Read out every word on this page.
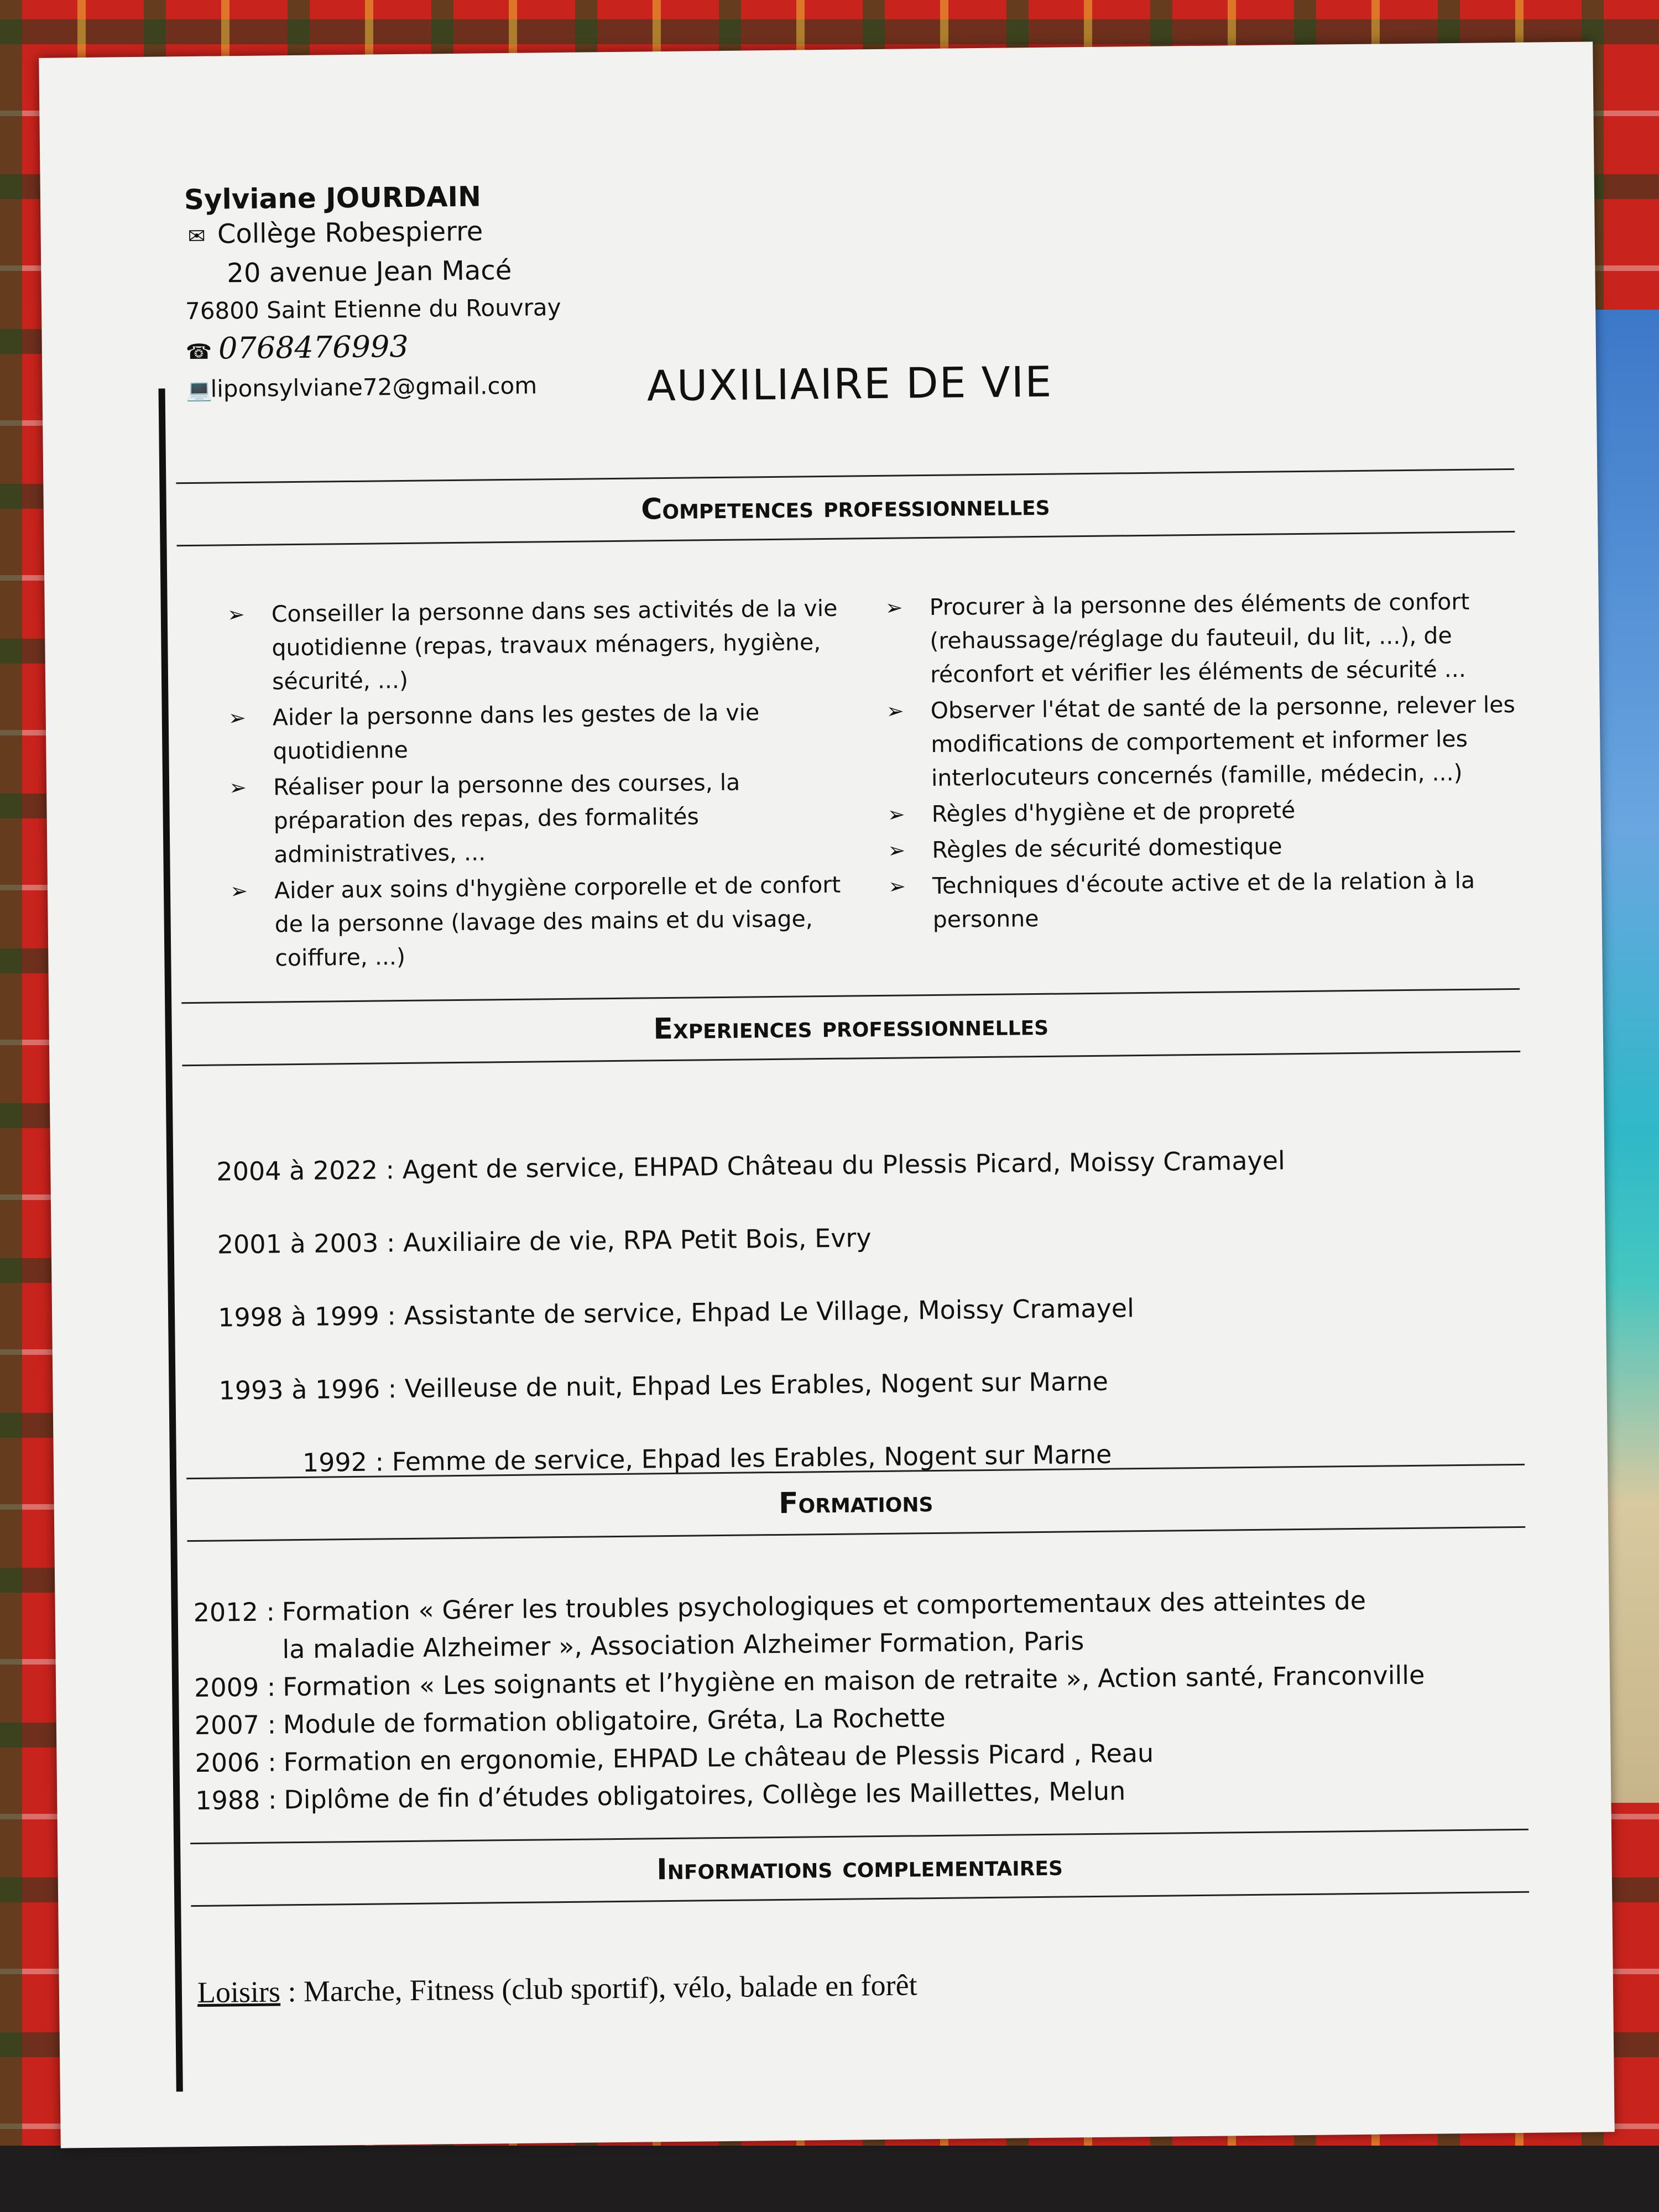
Sylviane JOURDAIN
✉ Collège Robespierre
20 avenue Jean Macé
76800 Saint Etienne du Rouvray
☎ 0768476993
💻liponsylviane72@gmail.com	AUXILIAIRE DE VIE
Competences professionnelles
➢ Conseiller la personne dans ses activités de la vie quotidienne (repas, travaux ménagers, hygiène, sécurité, ...)
➢ Aider la personne dans les gestes de la vie quotidienne
➢ Réaliser pour la personne des courses, la préparation des repas, des formalités administratives, ...
➢ Aider aux soins d'hygiène corporelle et de confort de la personne (lavage des mains et du visage, coiffure, ...)
➢ Procurer à la personne des éléments de confort (rehaussage/réglage du fauteuil, du lit, ...), de réconfort et vérifier les éléments de sécurité ...
➢ Observer l'état de santé de la personne, relever les modifications de comportement et informer les interlocuteurs concernés (famille, médecin, ...)
➢ Règles d'hygiène et de propreté
➢ Règles de sécurité domestique
➢ Techniques d'écoute active et de la relation à la personne
Experiences professionnelles
2004 à 2022 : Agent de service, EHPAD Château du Plessis Picard, Moissy Cramayel
2001 à 2003 : Auxiliaire de vie, RPA Petit Bois, Evry
1998 à 1999 : Assistante de service, Ehpad Le Village, Moissy Cramayel
1993 à 1996 : Veilleuse de nuit, Ehpad Les Erables, Nogent sur Marne
1992 : Femme de service, Ehpad les Erables, Nogent sur Marne
Formations
2012 : Formation « Gérer les troubles psychologiques et comportementaux des atteintes de
la maladie Alzheimer », Association Alzheimer Formation, Paris
2009 : Formation « Les soignants et l’hygiène en maison de retraite », Action santé, Franconville
2007 : Module de formation obligatoire, Gréta, La Rochette
2006 : Formation en ergonomie, EHPAD Le château de Plessis Picard , Reau
1988 : Diplôme de fin d’études obligatoires, Collège les Maillettes, Melun
Informations complementaires
Loisirs : Marche, Fitness (club sportif), vélo, balade en forêt
